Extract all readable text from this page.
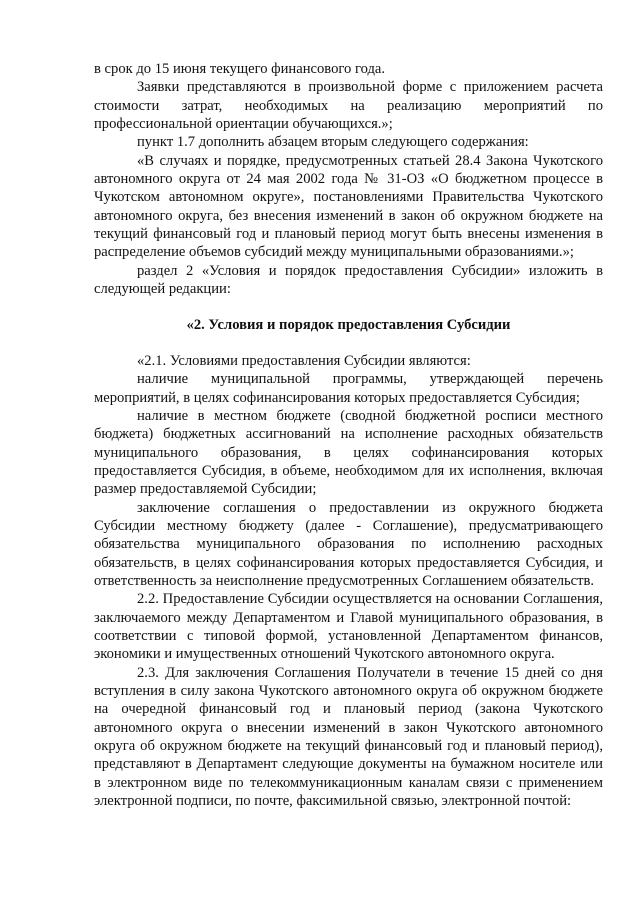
в срок до 15 июня текущего финансового года.

Заявки представляются в произвольной форме с приложением расчета стоимости затрат, необходимых на реализацию мероприятий по профессиональной ориентации обучающихся.»;

пункт 1.7 дополнить абзацем вторым следующего содержания:

«В случаях и порядке, предусмотренных статьей 28.4 Закона Чукотского автономного округа от 24 мая 2002 года № 31-ОЗ «О бюджетном процессе в Чукотском автономном округе», постановлениями Правительства Чукотского автономного округа, без внесения изменений в закон об окружном бюджете на текущий финансовый год и плановый период могут быть внесены изменения в распределение объемов субсидий между муниципальными образованиями.»;

раздел 2 «Условия и порядок предоставления Субсидии» изложить в следующей редакции:

«2. Условия и порядок предоставления Субсидии

«2.1. Условиями предоставления Субсидии являются:

наличие муниципальной программы, утверждающей перечень мероприятий, в целях софинансирования которых предоставляется Субсидия;

наличие в местном бюджете (сводной бюджетной росписи местного бюджета) бюджетных ассигнований на исполнение расходных обязательств муниципального образования, в целях софинансирования которых предоставляется Субсидия, в объеме, необходимом для их исполнения, включая размер предоставляемой Субсидии;

заключение соглашения о предоставлении из окружного бюджета Субсидии местному бюджету (далее - Соглашение), предусматривающего обязательства муниципального образования по исполнению расходных обязательств, в целях софинансирования которых предоставляется Субсидия, и ответственность за неисполнение предусмотренных Соглашением обязательств.

2.2. Предоставление Субсидии осуществляется на основании Соглашения, заключаемого между Департаментом и Главой муниципального образования, в соответствии с типовой формой, установленной Департаментом финансов, экономики и имущественных отношений Чукотского автономного округа.

2.3. Для заключения Соглашения Получатели в течение 15 дней со дня вступления в силу закона Чукотского автономного округа об окружном бюджете на очередной финансовый год и плановый период (закона Чукотского автономного округа о внесении изменений в закон Чукотского автономного округа об окружном бюджете на текущий финансовый год и плановый период), представляют в Департамент следующие документы на бумажном носителе или в электронном виде по телекоммуникационным каналам связи с применением электронной подписи, по почте, факсимильной связью, электронной почтой:
